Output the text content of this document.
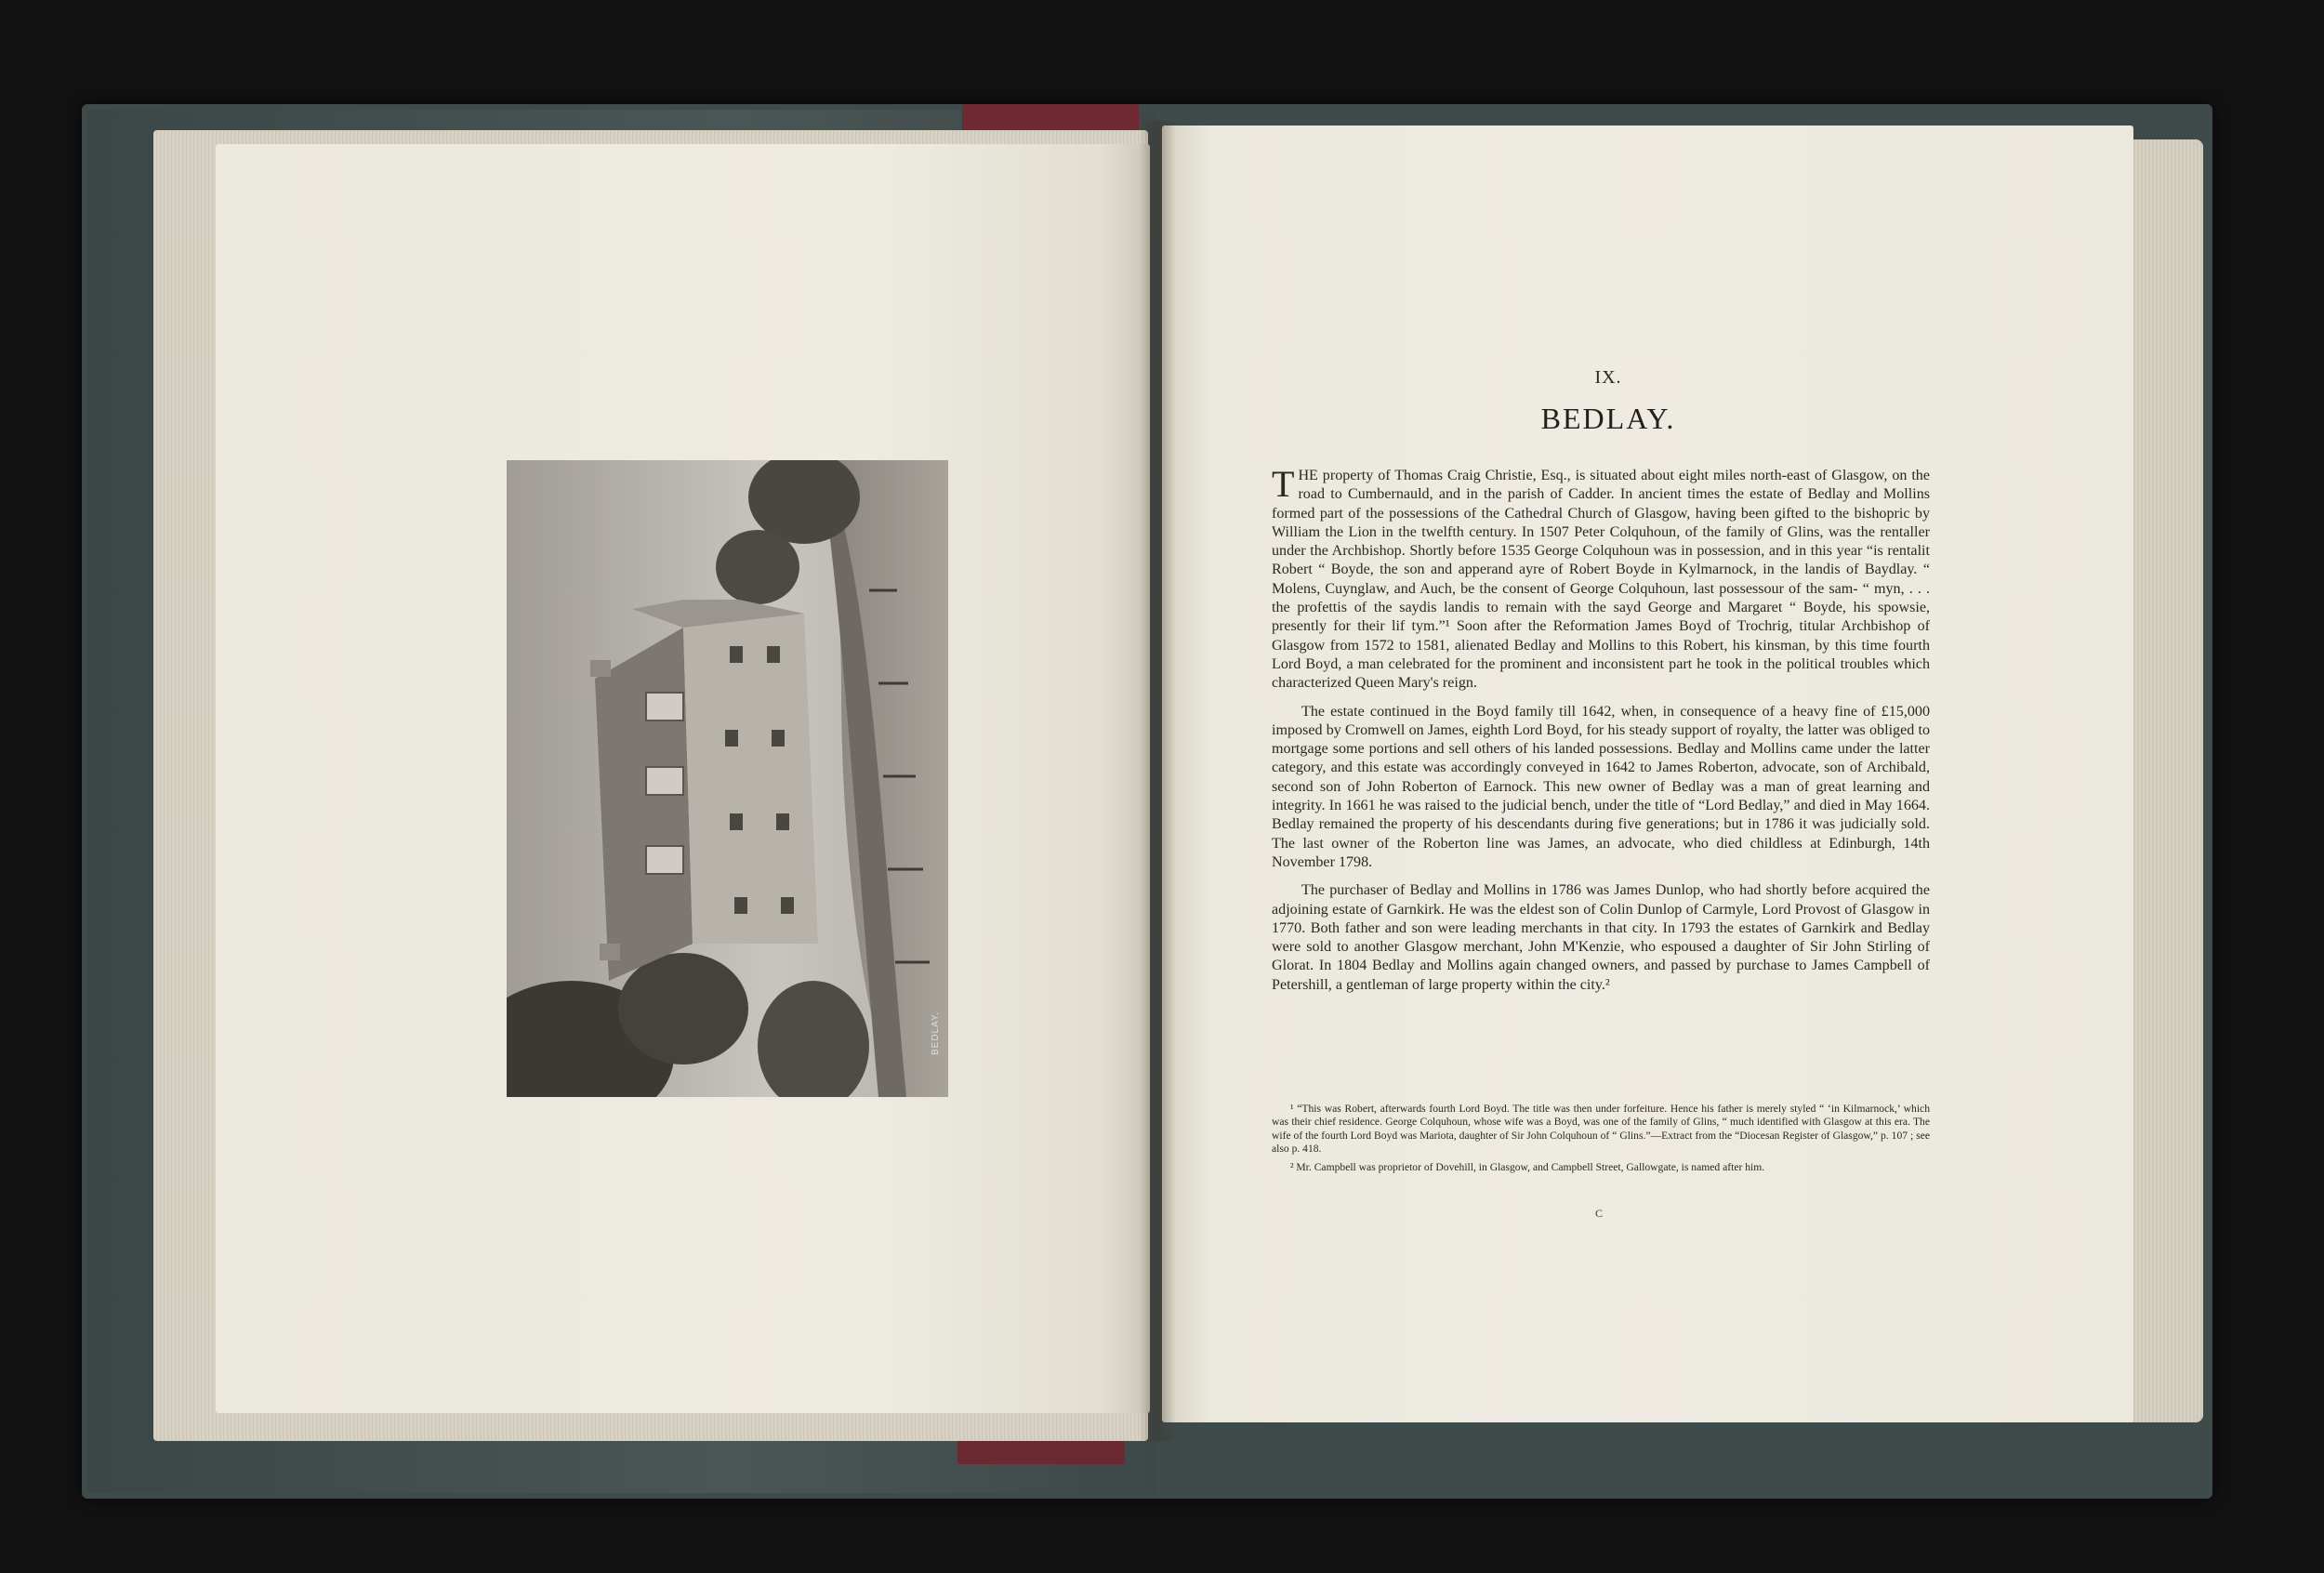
BEDLAY.
IX.
BEDLAY.

THE property of Thomas Craig Christie, Esq., is situated about eight miles north-east of Glasgow, on the road to Cumbernauld, and in the parish of Cadder. In ancient times the estate of Bedlay and Mollins formed part of the possessions of the Cathedral Church of Glasgow, having been gifted to the bishopric by William the Lion in the twelfth century. In 1507 Peter Colquhoun, of the family of Glins, was the rentaller under the Archbishop. Shortly before 1535 George Colquhoun was in possession, and in this year “is rentalit Robert “ Boyde, the son and apperand ayre of Robert Boyde in Kylmarnock, in the landis of Baydlay. “ Molens, Cuynglaw, and Auch, be the consent of George Colquhoun, last possessour of the sam- “ myn, . . . the profettis of the saydis landis to remain with the sayd George and Margaret “ Boyde, his spowsie, presently for their lif tym.”¹ Soon after the Reformation James Boyd of Trochrig, titular Archbishop of Glasgow from 1572 to 1581, alienated Bedlay and Mollins to this Robert, his kinsman, by this time fourth Lord Boyd, a man celebrated for the prominent and inconsistent part he took in the political troubles which characterized Queen Mary's reign.

The estate continued in the Boyd family till 1642, when, in consequence of a heavy fine of £15,000 imposed by Cromwell on James, eighth Lord Boyd, for his steady support of royalty, the latter was obliged to mortgage some portions and sell others of his landed possessions. Bedlay and Mollins came under the latter category, and this estate was accordingly conveyed in 1642 to James Roberton, advocate, son of Archibald, second son of John Roberton of Earnock. This new owner of Bedlay was a man of great learning and integrity. In 1661 he was raised to the judicial bench, under the title of “Lord Bedlay,” and died in May 1664. Bedlay remained the property of his descendants during five generations; but in 1786 it was judicially sold. The last owner of the Roberton line was James, an advocate, who died childless at Edinburgh, 14th November 1798.

The purchaser of Bedlay and Mollins in 1786 was James Dunlop, who had shortly before acquired the adjoining estate of Garnkirk. He was the eldest son of Colin Dunlop of Carmyle, Lord Provost of Glasgow in 1770. Both father and son were leading merchants in that city. In 1793 the estates of Garnkirk and Bedlay were sold to another Glasgow merchant, John M'Kenzie, who espoused a daughter of Sir John Stirling of Glorat. In 1804 Bedlay and Mollins again changed owners, and passed by purchase to James Campbell of Petershill, a gentleman of large property within the city.²

¹ “This was Robert, afterwards fourth Lord Boyd. The title was then under forfeiture. Hence his father is merely styled “ ‘in Kilmarnock,’ which was their chief residence. George Colquhoun, whose wife was a Boyd, was one of the family of Glins, “ much identified with Glasgow at this era. The wife of the fourth Lord Boyd was Mariota, daughter of Sir John Colquhoun of “ Glins.”—Extract from the “Diocesan Register of Glasgow,” p. 107 ; see also p. 418.

² Mr. Campbell was proprietor of Dovehill, in Glasgow, and Campbell Street, Gallowgate, is named after him.

C
